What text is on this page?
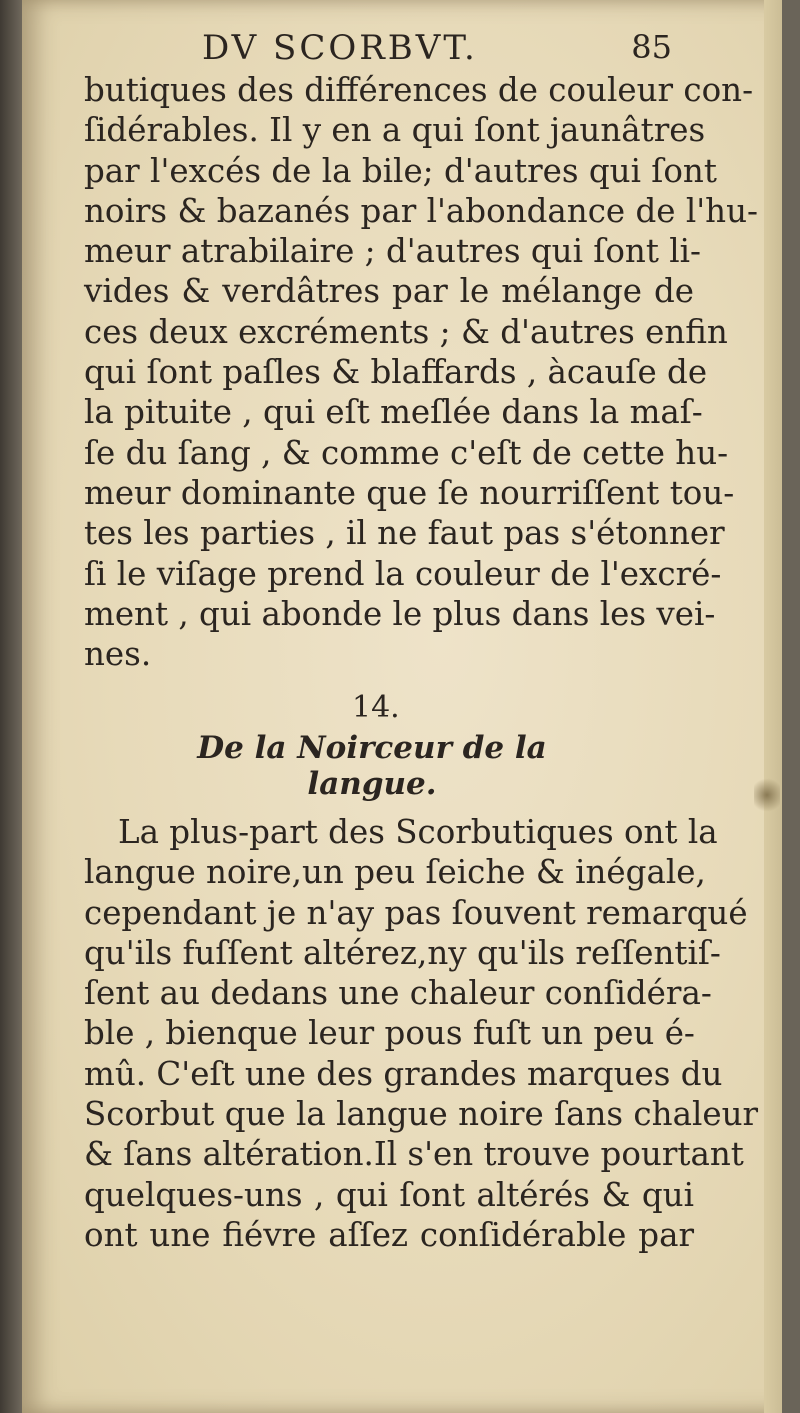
DV SCORBVT.	85
butiques des différences de couleur con-
ſidérables. Il y en a qui ſont jaunâtres
par l'excés de la bile; d'autres qui ſont
noirs & bazanés par l'abondance de l'hu-
meur atrabilaire ; d'autres qui ſont li-
vides & verdâtres par le mélange de
ces deux excréments ; & d'autres enfin
qui ſont paſles & blaffards , àcauſe de
la pituite , qui eſt meſlée dans la maſ-
ſe du ſang , & comme c'eſt de cette hu-
meur dominante que ſe nourriſſent tou-
tes les parties , il ne faut pas s'étonner
ſi le viſage prend la couleur de l'excré-
ment , qui abonde le plus dans les vei-
nes.
14.
De la Noirceur de la langue.
La plus-part des Scorbutiques ont la
langue noire,un peu ſeiche & inégale,
cependant je n'ay pas ſouvent remarqué
qu'ils fuſſent altérez,ny qu'ils reſſentiſ-
ſent au dedans une chaleur conſidéra-
ble , bienque leur pous fuſt un peu é-
mû. C'eſt une des grandes marques du
Scorbut que la langue noire ſans chaleur
& ſans altération.Il s'en trouve pourtant
quelques-uns , qui ſont altérés & qui
ont une fiévre aſſez conſidérable par
